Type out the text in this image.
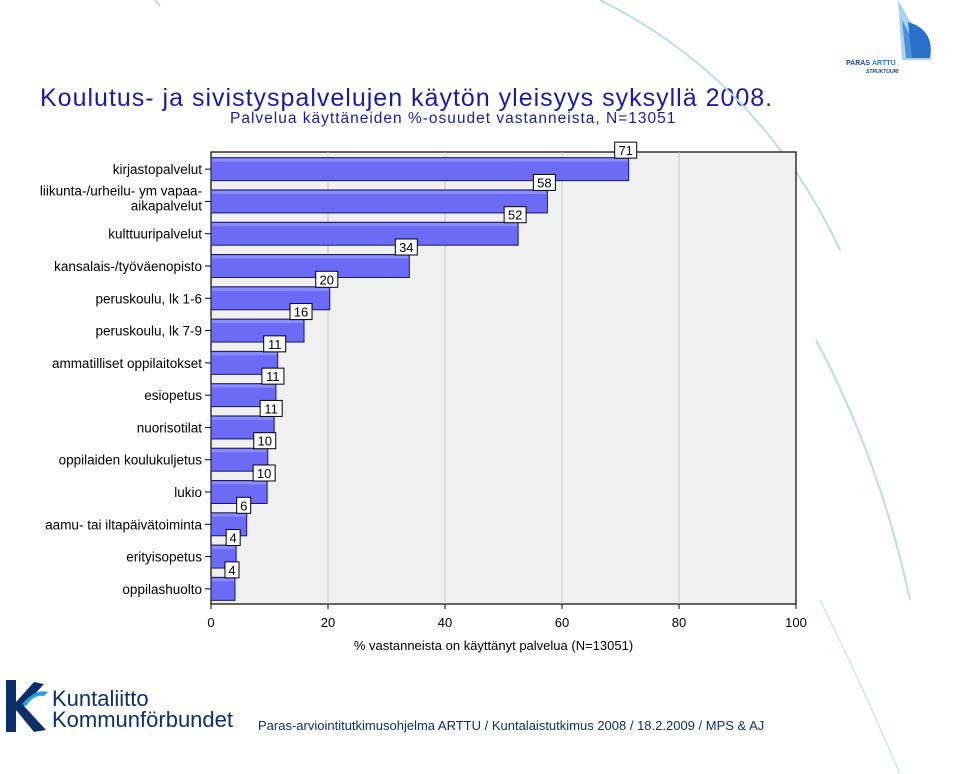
Koulutus- ja sivistyspalvelujen käytön yleisyys syksyllä 2008.
Palvelua käyttäneiden %-osuudet vastanneista, N=13051
PARAS ARTTU
STRUKTUURI
0	20	40	60	80	100
% vastanneista on käyttänyt palvelua (N=13051)
kirjastopalvelut
71
liikunta-/urheilu- ym vapaa-
aikapalvelut
58
kulttuuripalvelut
52
kansalais-/työväenopisto
34
peruskoulu, lk 1-6
20
peruskoulu, lk 7-9
16
ammatilliset oppilaitokset
11
esiopetus
11
nuorisotilat
11
oppilaiden koulukuljetus
10
lukio
10
aamu- tai iltapäivätoiminta
6
erityisopetus
4
oppilashuolto
4
Kuntaliitto
Kommunförbundet Paras-arviointitutkimusohjelma ARTTU / Kuntalaistutkimus 2008 / 18.2.2009 / MPS & AJ
